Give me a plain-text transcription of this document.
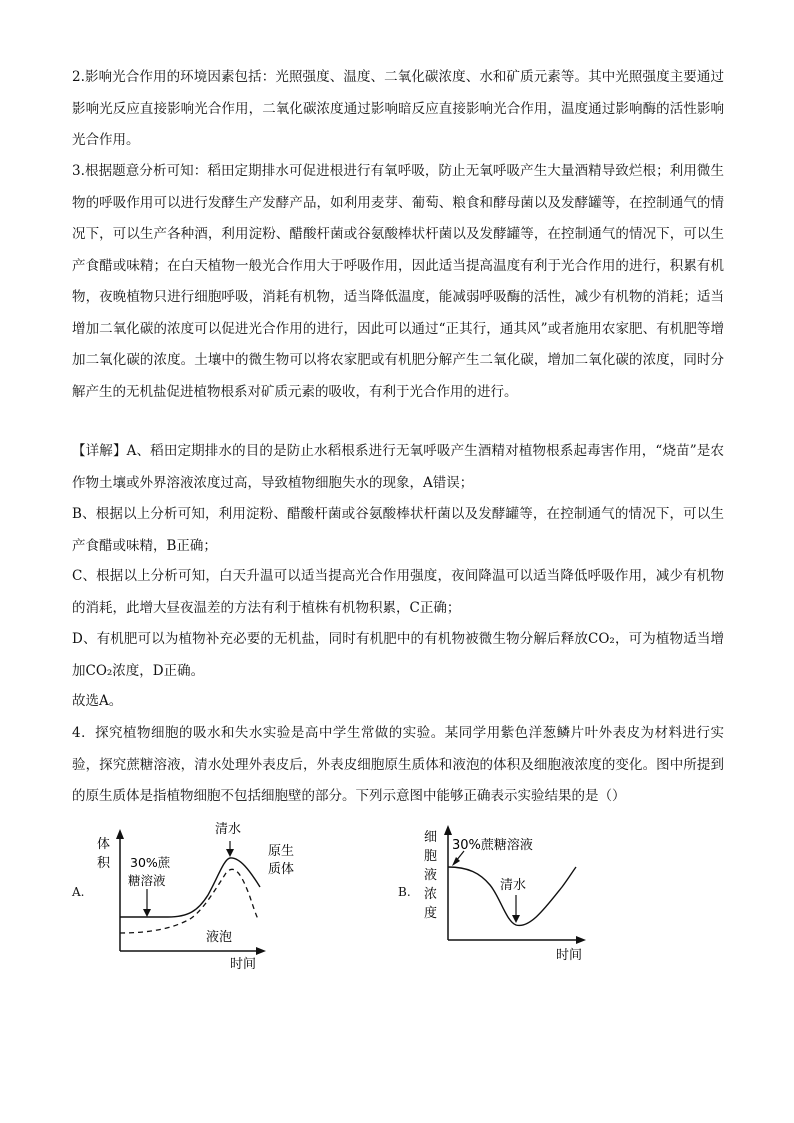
2.影响光合作用的环境因素包括：光照强度、温度、二氧化碳浓度、水和矿质元素等。其中光照强度主要通过影响光反应直接影响光合作用，二氧化碳浓度通过影响暗反应直接影响光合作用，温度通过影响酶的活性影响光合作用。

3.根据题意分析可知：稻田定期排水可促进根进行有氧呼吸，防止无氧呼吸产生大量酒精导致烂根；利用微生物的呼吸作用可以进行发酵生产发酵产品，如利用麦芽、葡萄、粮食和酵母菌以及发酵罐等，在控制通气的情况下，可以生产各种酒，利用淀粉、醋酸杆菌或谷氨酸棒状杆菌以及发酵罐等，在控制通气的情况下，可以生产食醋或味精；在白天植物一般光合作用大于呼吸作用，因此适当提高温度有利于光合作用的进行，积累有机物，夜晚植物只进行细胞呼吸，消耗有机物，适当降低温度，能减弱呼吸酶的活性，减少有机物的消耗；适当增加二氧化碳的浓度可以促进光合作用的进行，因此可以通过“正其行，通其风”或者施用农家肥、有机肥等增加二氧化碳的浓度。土壤中的微生物可以将农家肥或有机肥分解产生二氧化碳，增加二氧化碳的浓度，同时分解产生的无机盐促进植物根系对矿质元素的吸收，有利于光合作用的进行。

【详解】A、稻田定期排水的目的是防止水稻根系进行无氧呼吸产生酒精对植物根系起毒害作用，“烧苗”是农作物土壤或外界溶液浓度过高，导致植物细胞失水的现象，A错误；

B、根据以上分析可知，利用淀粉、醋酸杆菌或谷氨酸棒状杆菌以及发酵罐等，在控制通气的情况下，可以生产食醋或味精，B正确；

C、根据以上分析可知，白天升温可以适当提高光合作用强度，夜间降温可以适当降低呼吸作用，减少有机物的消耗，此增大昼夜温差的方法有利于植株有机物积累，C正确；

D、有机肥可以为植物补充必要的无机盐，同时有机肥中的有机物被微生物分解后释放CO₂，可为植物适当增加CO₂浓度，D正确。

故选A。

4．探究植物细胞的吸水和失水实验是高中学生常做的实验。某同学用紫色洋葱鳞片叶外表皮为材料进行实验，探究蔗糖溶液，清水处理外表皮后，外表皮细胞原生质体和液泡的体积及细胞液浓度的变化。图中所提到的原生质体是指植物细胞不包括细胞壁的部分。下列示意图中能够正确表示实验结果的是（）

A.
体
积 30%蔗
糖溶液
清水
原生
质体
液泡
时间
B.
细
胞
液
浓
度
30%蔗糖溶液
清水
时间
